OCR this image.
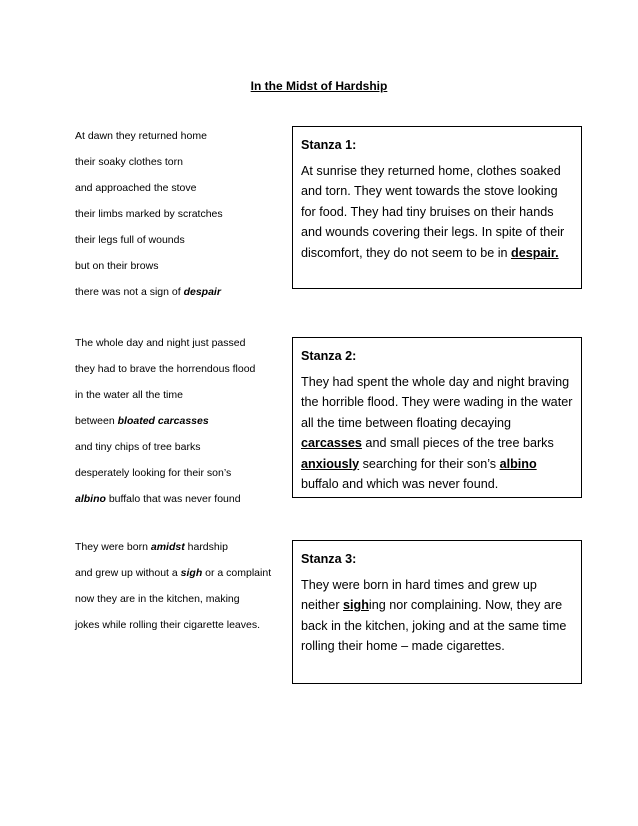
In the Midst of Hardship
At dawn they returned home
their soaky clothes torn
and approached the stove
their limbs marked by scratches
their legs full of wounds
but on their brows
there was not a sign of despair
Stanza 1:
At sunrise they returned home, clothes soaked and torn. They went towards the stove looking for food. They had tiny bruises on their hands and wounds covering their legs. In spite of their discomfort, they do not seem to be in despair.
The whole day and night just passed
they had to brave the horrendous flood
in the water all the time
between bloated carcasses
and tiny chips of tree barks
desperately looking for their son’s
albino buffalo that was never found
Stanza 2:
They had spent the whole day and night braving the horrible flood. They were wading in the water all the time between floating decaying carcasses and small pieces of the tree barks anxiously searching for their son’s albino buffalo and which was never found.
They were born amidst hardship
and grew up without a sigh or a complaint
now they are in the kitchen, making
jokes while rolling their cigarette leaves.
Stanza 3:
They were born in hard times and grew up neither sighing nor complaining. Now, they are back in the kitchen, joking and at the same time rolling their home – made cigarettes.
